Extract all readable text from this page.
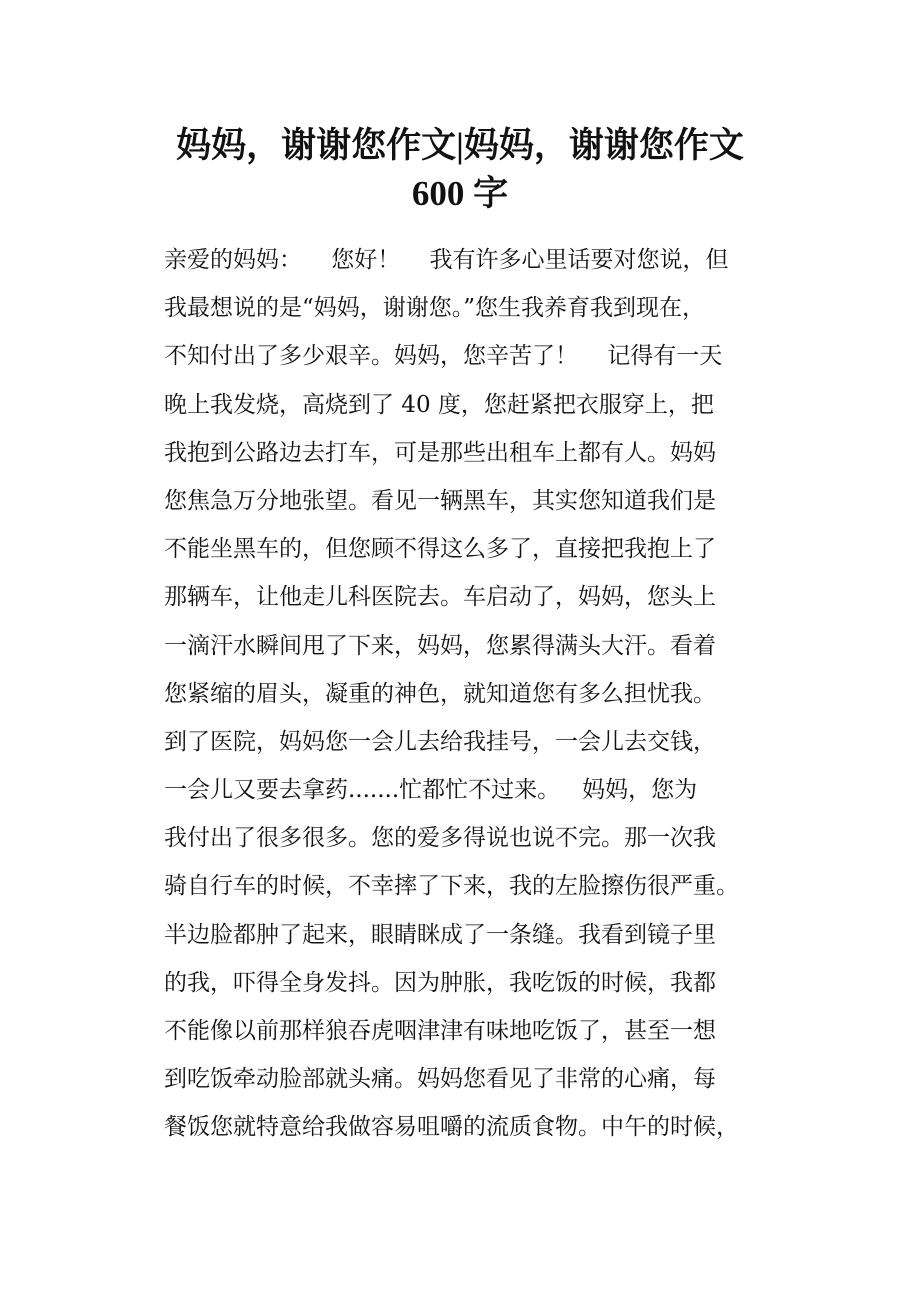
妈妈，谢谢您作文|妈妈，谢谢您作文
600 字
亲爱的妈妈：    您好！    我有许多心里话要对您说，但
我最想说的是“妈妈，谢谢您。”您生我养育我到现在，
不知付出了多少艰辛。妈妈，您辛苦了！    记得有一天
晚上我发烧，高烧到了 40 度，您赶紧把衣服穿上，把
我抱到公路边去打车，可是那些出租车上都有人。妈妈
您焦急万分地张望。看见一辆黑车，其实您知道我们是
不能坐黑车的，但您顾不得这么多了，直接把我抱上了
那辆车，让他走儿科医院去。车启动了，妈妈，您头上
一滴汗水瞬间甩了下来，妈妈，您累得满头大汗。看着
您紧缩的眉头，凝重的神色，就知道您有多么担忧我。
到了医院，妈妈您一会儿去给我挂号，一会儿去交钱，
一会儿又要去拿药.......忙都忙不过来。   妈妈，您为
我付出了很多很多。您的爱多得说也说不完。那一次我
骑自行车的时候，不幸摔了下来，我的左脸擦伤很严重。
半边脸都肿了起来，眼睛眯成了一条缝。我看到镜子里
的我，吓得全身发抖。因为肿胀，我吃饭的时候，我都
不能像以前那样狼吞虎咽津津有味地吃饭了，甚至一想
到吃饭牵动脸部就头痛。妈妈您看见了非常的心痛，每
餐饭您就特意给我做容易咀嚼的流质食物。中午的时候，
